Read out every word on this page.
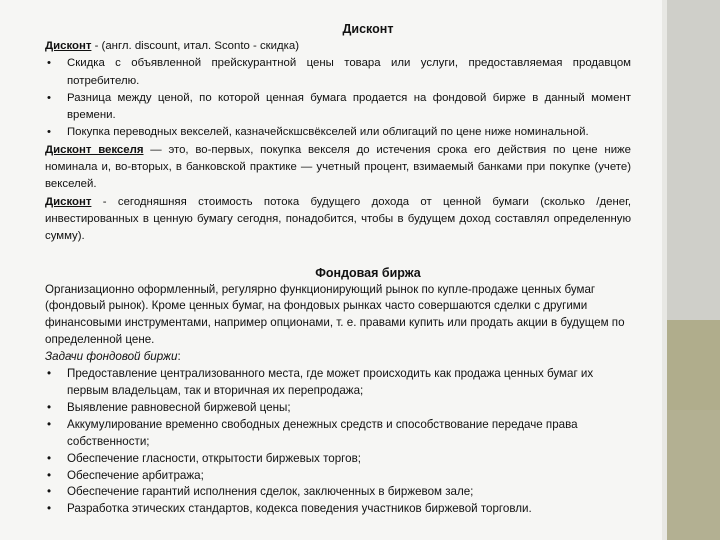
Дисконт

Дисконт - (англ. discount, итал. Sconto - скидка)

• Скидка с объявленной прейскурантной цены товара или услуги, предоставляемая продавцом потребителю.
• Разница между ценой, по которой ценная бумага продается на фондовой бирже в данный момент времени.
• Покупка переводных векселей, казначейскшсвёкселей или облигаций по цене ниже номинальной.

Дисконт векселя — это, во-первых, покупка векселя до истечения срока его действия по цене ниже номинала и, во-вторых, в банковской практике — учетный процент, взимаемый банками при покупке (учете) векселей.

Дисконт - сегодняшняя стоимость потока будущего дохода от ценной бумаги (сколько /денег, инвестированных в ценную бумагу сегодня, понадобится, чтобы в будущем доход составлял определенную сумму).

Фондовая биржа

Организационно оформленный, регулярно функционирующий рынок по купле-продаже ценных бумаг (фондовый рынок). Кроме ценных бумаг, на фондовых рынках часто совершаются сделки с другими финансовыми инструментами, например опционами, т. е. правами купить или продать акции в будущем по определенной цене.

Задачи фондовой биржи:

• Предоставление централизованного места, где может происходить как продажа ценных бумаг их первым владельцам, так и вторичная их перепродажа;
• Выявление равновесной биржевой цены;
• Аккумулирование временно свободных денежных средств и способствование передаче права собственности;
• Обеспечение гласности, открытости биржевых торгов;
• Обеспечение арбитража;
• Обеспечение гарантий исполнения сделок, заключенных в биржевом зале;
• Разработка этических стандартов, кодекса поведения участников биржевой торговли.
